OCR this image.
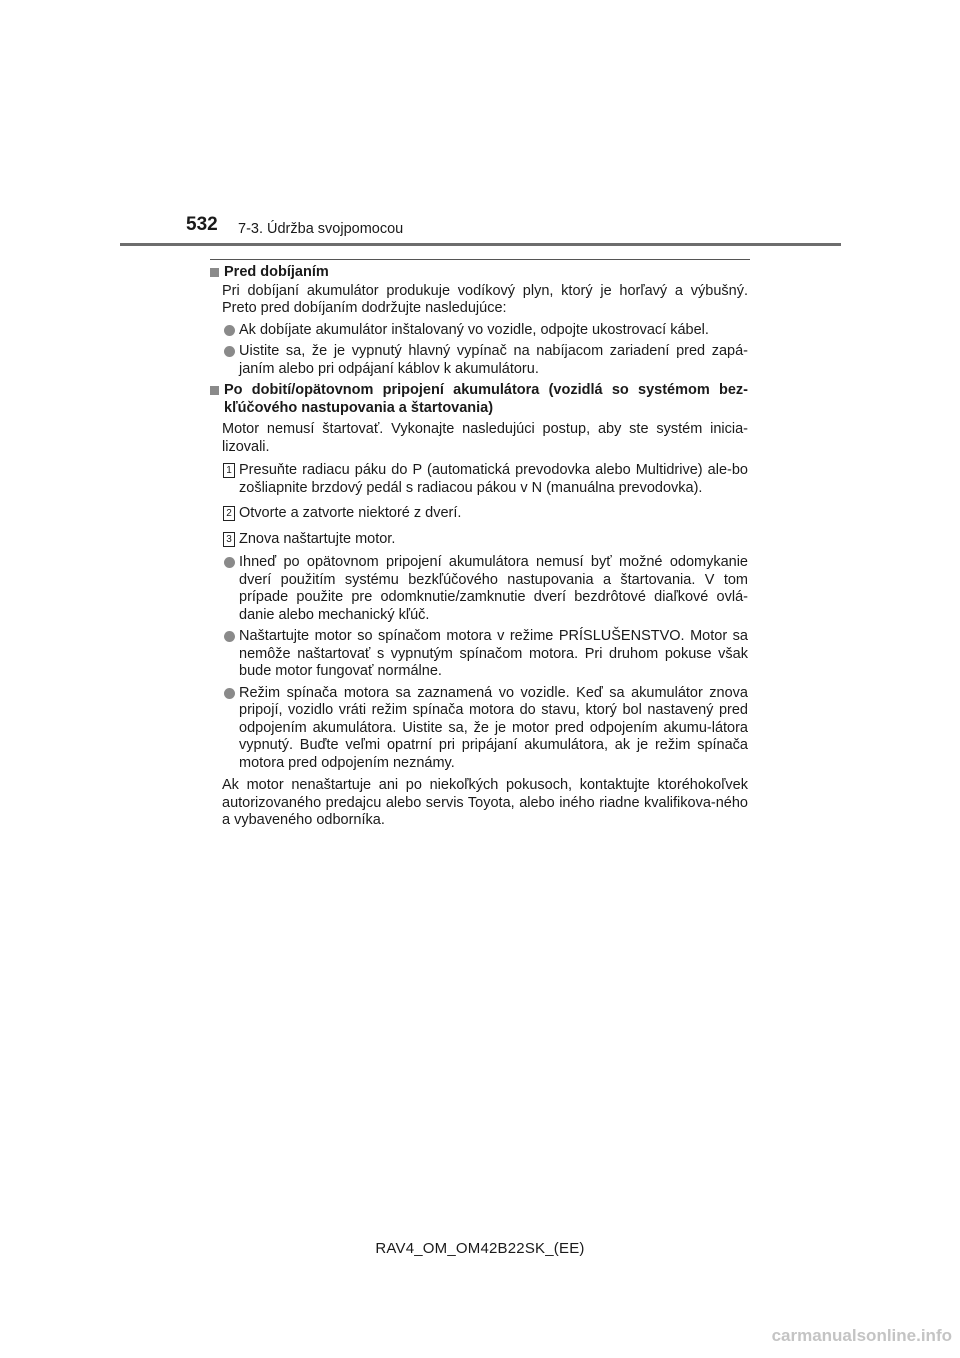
532 7-3. Údržba svojpomocou
Pred dobíjaním
Pri dobíjaní akumulátor produkuje vodíkový plyn, ktorý je horľavý a výbušný. Preto pred dobíjaním dodržujte nasledujúce:
Ak dobíjate akumulátor inštalovaný vo vozidle, odpojte ukostrovací kábel.
Uistite sa, že je vypnutý hlavný vypínač na nabíjacom zariadení pred zapá-janím alebo pri odpájaní káblov k akumulátoru.
Po dobití/opätovnom pripojení akumulátora (vozidlá so systémom bez-kľúčového nastupovania a štartovania)
Motor nemusí štartovať. Vykonajte nasledujúci postup, aby ste systém inicia-lizovali.
1 Presuňte radiacu páku do P (automatická prevodovka alebo Multidrive) ale-bo zošliapnite brzdový pedál s radiacou pákou v N (manuálna prevodovka).
2 Otvorte a zatvorte niektoré z dverí.
3 Znova naštartujte motor.
Ihneď po opätovnom pripojení akumulátora nemusí byť možné odomykanie dverí použitím systému bezkľúčového nastupovania a štartovania. V tom prípade použite pre odomknutie/zamknutie dverí bezdrôtové diaľkové ovlá-danie alebo mechanický kľúč.
Naštartujte motor so spínačom motora v režime PRÍSLUŠENSTVO. Motor sa nemôže naštartovať s vypnutým spínačom motora. Pri druhom pokuse však bude motor fungovať normálne.
Režim spínača motora sa zaznamená vo vozidle. Keď sa akumulátor znova pripojí, vozidlo vráti režim spínača motora do stavu, ktorý bol nastavený pred odpojením akumulátora. Uistite sa, že je motor pred odpojením akumu-látora vypnutý. Buďte veľmi opatrní pri pripájaní akumulátora, ak je režim spínača motora pred odpojením neznámy.
Ak motor nenaštartuje ani po niekoľkých pokusoch, kontaktujte ktoréhokoľvek autorizovaného predajcu alebo servis Toyota, alebo iného riadne kvalifikova-ného a vybaveného odborníka.
RAV4_OM_OM42B22SK_(EE)
carmanualsonline.info
